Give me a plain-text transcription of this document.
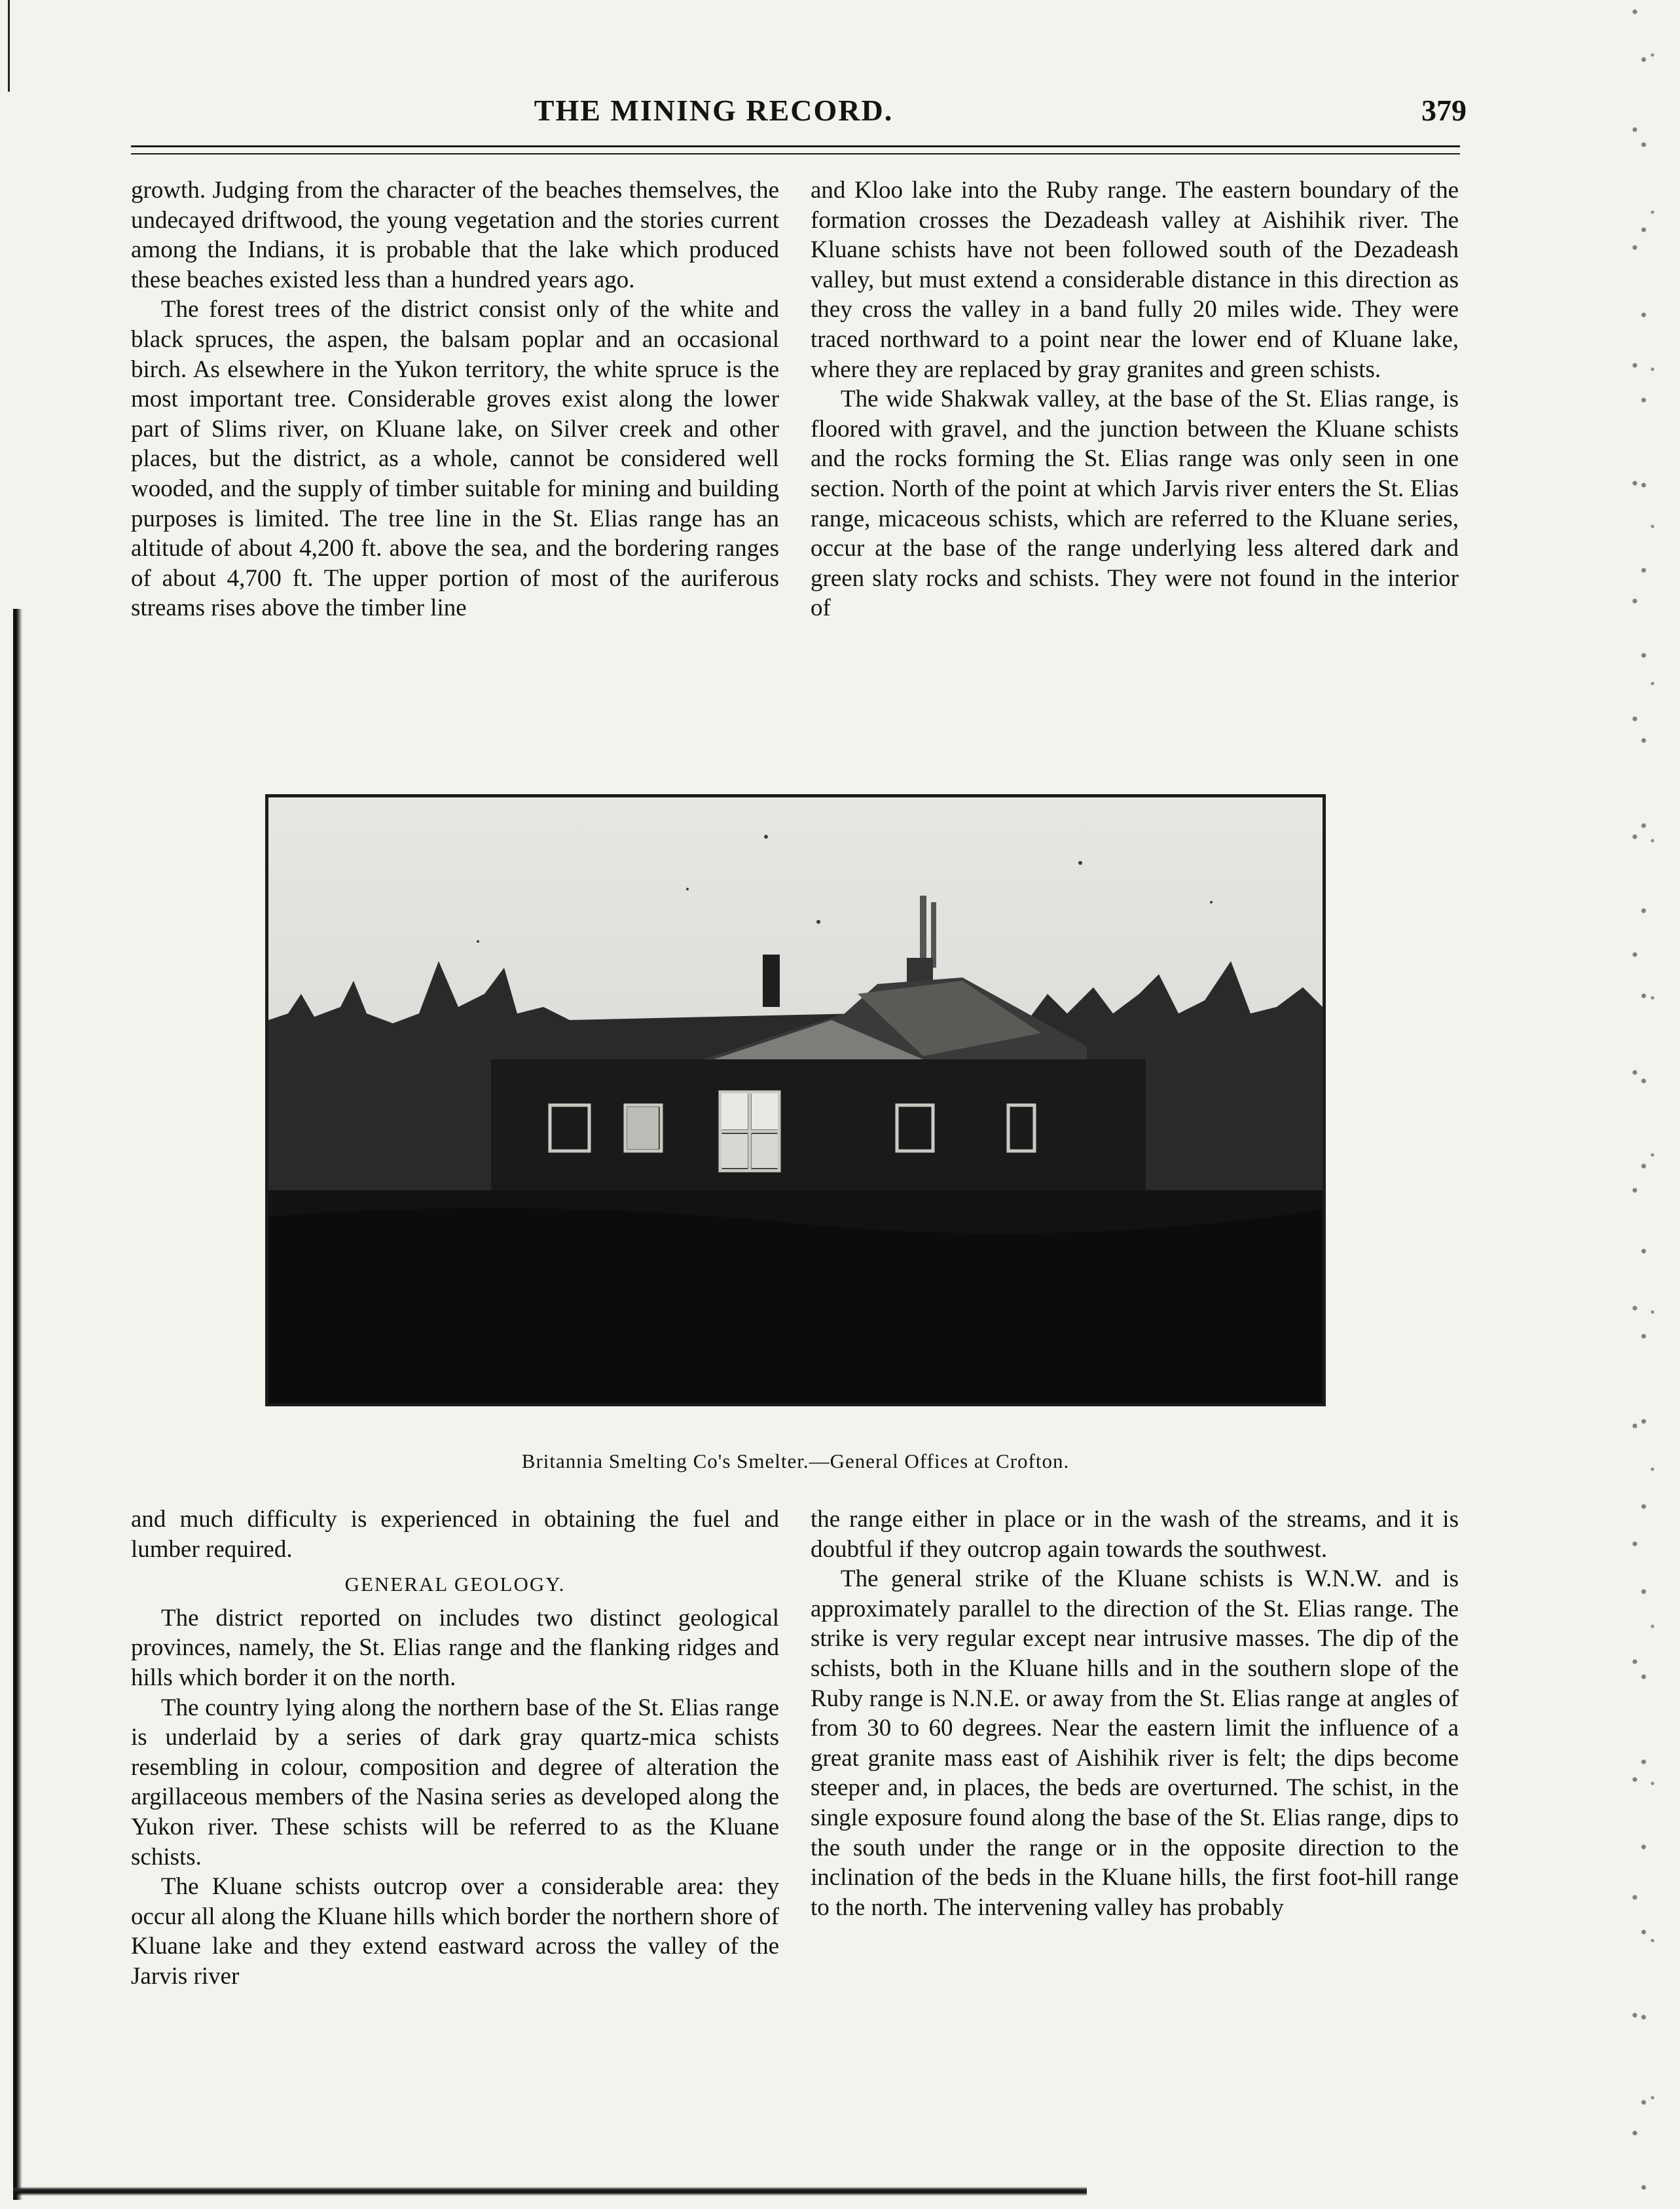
THE MINING RECORD.	379

growth. Judging from the character of the beaches themselves, the undecayed driftwood, the young vegetation and the stories current among the Indians, it is probable that the lake which produced these beaches existed less than a hundred years ago.

The forest trees of the district consist only of the white and black spruces, the aspen, the balsam poplar and an occasional birch. As elsewhere in the Yukon territory, the white spruce is the most important tree. Considerable groves exist along the lower part of Slims river, on Kluane lake, on Silver creek and other places, but the district, as a whole, cannot be considered well wooded, and the supply of timber suitable for mining and building purposes is limited. The tree line in the St. Elias range has an altitude of about 4,200 ft. above the sea, and the bordering ranges of about 4,700 ft. The upper portion of most of the auriferous streams rises above the timber line

and Kloo lake into the Ruby range. The eastern boundary of the formation crosses the Dezadeash valley at Aishihik river. The Kluane schists have not been followed south of the Dezadeash valley, but must extend a considerable distance in this direction as they cross the valley in a band fully 20 miles wide. They were traced northward to a point near the lower end of Kluane lake, where they are replaced by gray granites and green schists.

The wide Shakwak valley, at the base of the St. Elias range, is floored with gravel, and the junction between the Kluane schists and the rocks forming the St. Elias range was only seen in one section. North of the point at which Jarvis river enters the St. Elias range, micaceous schists, which are referred to the Kluane series, occur at the base of the range underlying less altered dark and green slaty rocks and schists. They were not found in the interior of

Britannia Smelting Co's Smelter.—General Offices at Crofton.

and much difficulty is experienced in obtaining the fuel and lumber required.

GENERAL GEOLOGY.

The district reported on includes two distinct geological provinces, namely, the St. Elias range and the flanking ridges and hills which border it on the north.

The country lying along the northern base of the St. Elias range is underlaid by a series of dark gray quartz-mica schists resembling in colour, composition and degree of alteration the argillaceous members of the Nasina series as developed along the Yukon river. These schists will be referred to as the Kluane schists.

The Kluane schists outcrop over a considerable area: they occur all along the Kluane hills which border the northern shore of Kluane lake and they extend eastward across the valley of the Jarvis river

the range either in place or in the wash of the streams, and it is doubtful if they outcrop again towards the southwest.

The general strike of the Kluane schists is W.N.W. and is approximately parallel to the direction of the St. Elias range. The strike is very regular except near intrusive masses. The dip of the schists, both in the Kluane hills and in the southern slope of the Ruby range is N.N.E. or away from the St. Elias range at angles of from 30 to 60 degrees. Near the eastern limit the influence of a great granite mass east of Aishihik river is felt; the dips become steeper and, in places, the beds are overturned. The schist, in the single exposure found along the base of the St. Elias range, dips to the south under the range or in the opposite direction to the inclination of the beds in the Kluane hills, the first foot-hill range to the north. The intervening valley has probably
